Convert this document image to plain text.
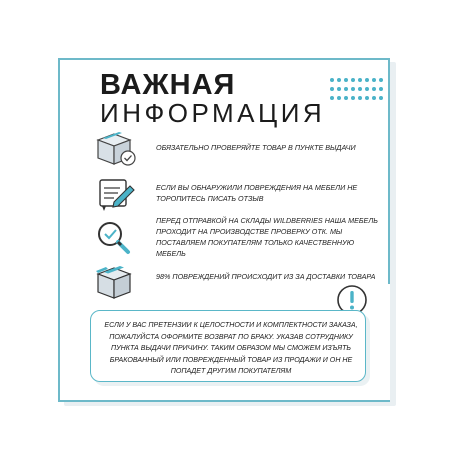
ВАЖНАЯ
ИНФОРМАЦИЯ
ОБЯЗАТЕЛЬНО ПРОВЕРЯЙТЕ ТОВАР В ПУНКТЕ ВЫДАЧИ
ЕСЛИ ВЫ ОБНАРУЖИЛИ ПОВРЕЖДЕНИЯ НА МЕБЕЛИ НЕ ТОРОПИТЕСЬ ПИСАТЬ ОТЗЫВ
ПЕРЕД ОТПРАВКОЙ НА СКЛАДЫ WILDBERRIES НАША МЕБЕЛЬ ПРОХОДИТ НА ПРОИЗВОДСТВЕ ПРОВЕРКУ ОТК. МЫ ПОСТАВЛЯЕМ ПОКУПАТЕЛЯМ ТОЛЬКО КАЧЕСТВЕННУЮ МЕБЕЛЬ
98% ПОВРЕЖДЕНИЙ ПРОИСХОДИТ ИЗ ЗА ДОСТАВКИ ТОВАРА
ЕСЛИ У ВАС ПРЕТЕНЗИИ К ЦЕЛОСТНОСТИ И КОМПЛЕКТНОСТИ ЗАКАЗА, ПОЖАЛУЙСТА ОФОРМИТЕ ВОЗВРАТ ПО БРАКУ. УКАЗАВ СОТРУДНИКУ ПУНКТА ВЫДАЧИ ПРИЧИНУ. ТАКИМ ОБРАЗОМ МЫ СМОЖЕМ ИЗЪЯТЬ БРАКОВАННЫЙ ИЛИ ПОВРЕЖДЕННЫЙ ТОВАР ИЗ ПРОДАЖИ И ОН НЕ ПОПАДЕТ ДРУГИМ ПОКУПАТЕЛЯМ
